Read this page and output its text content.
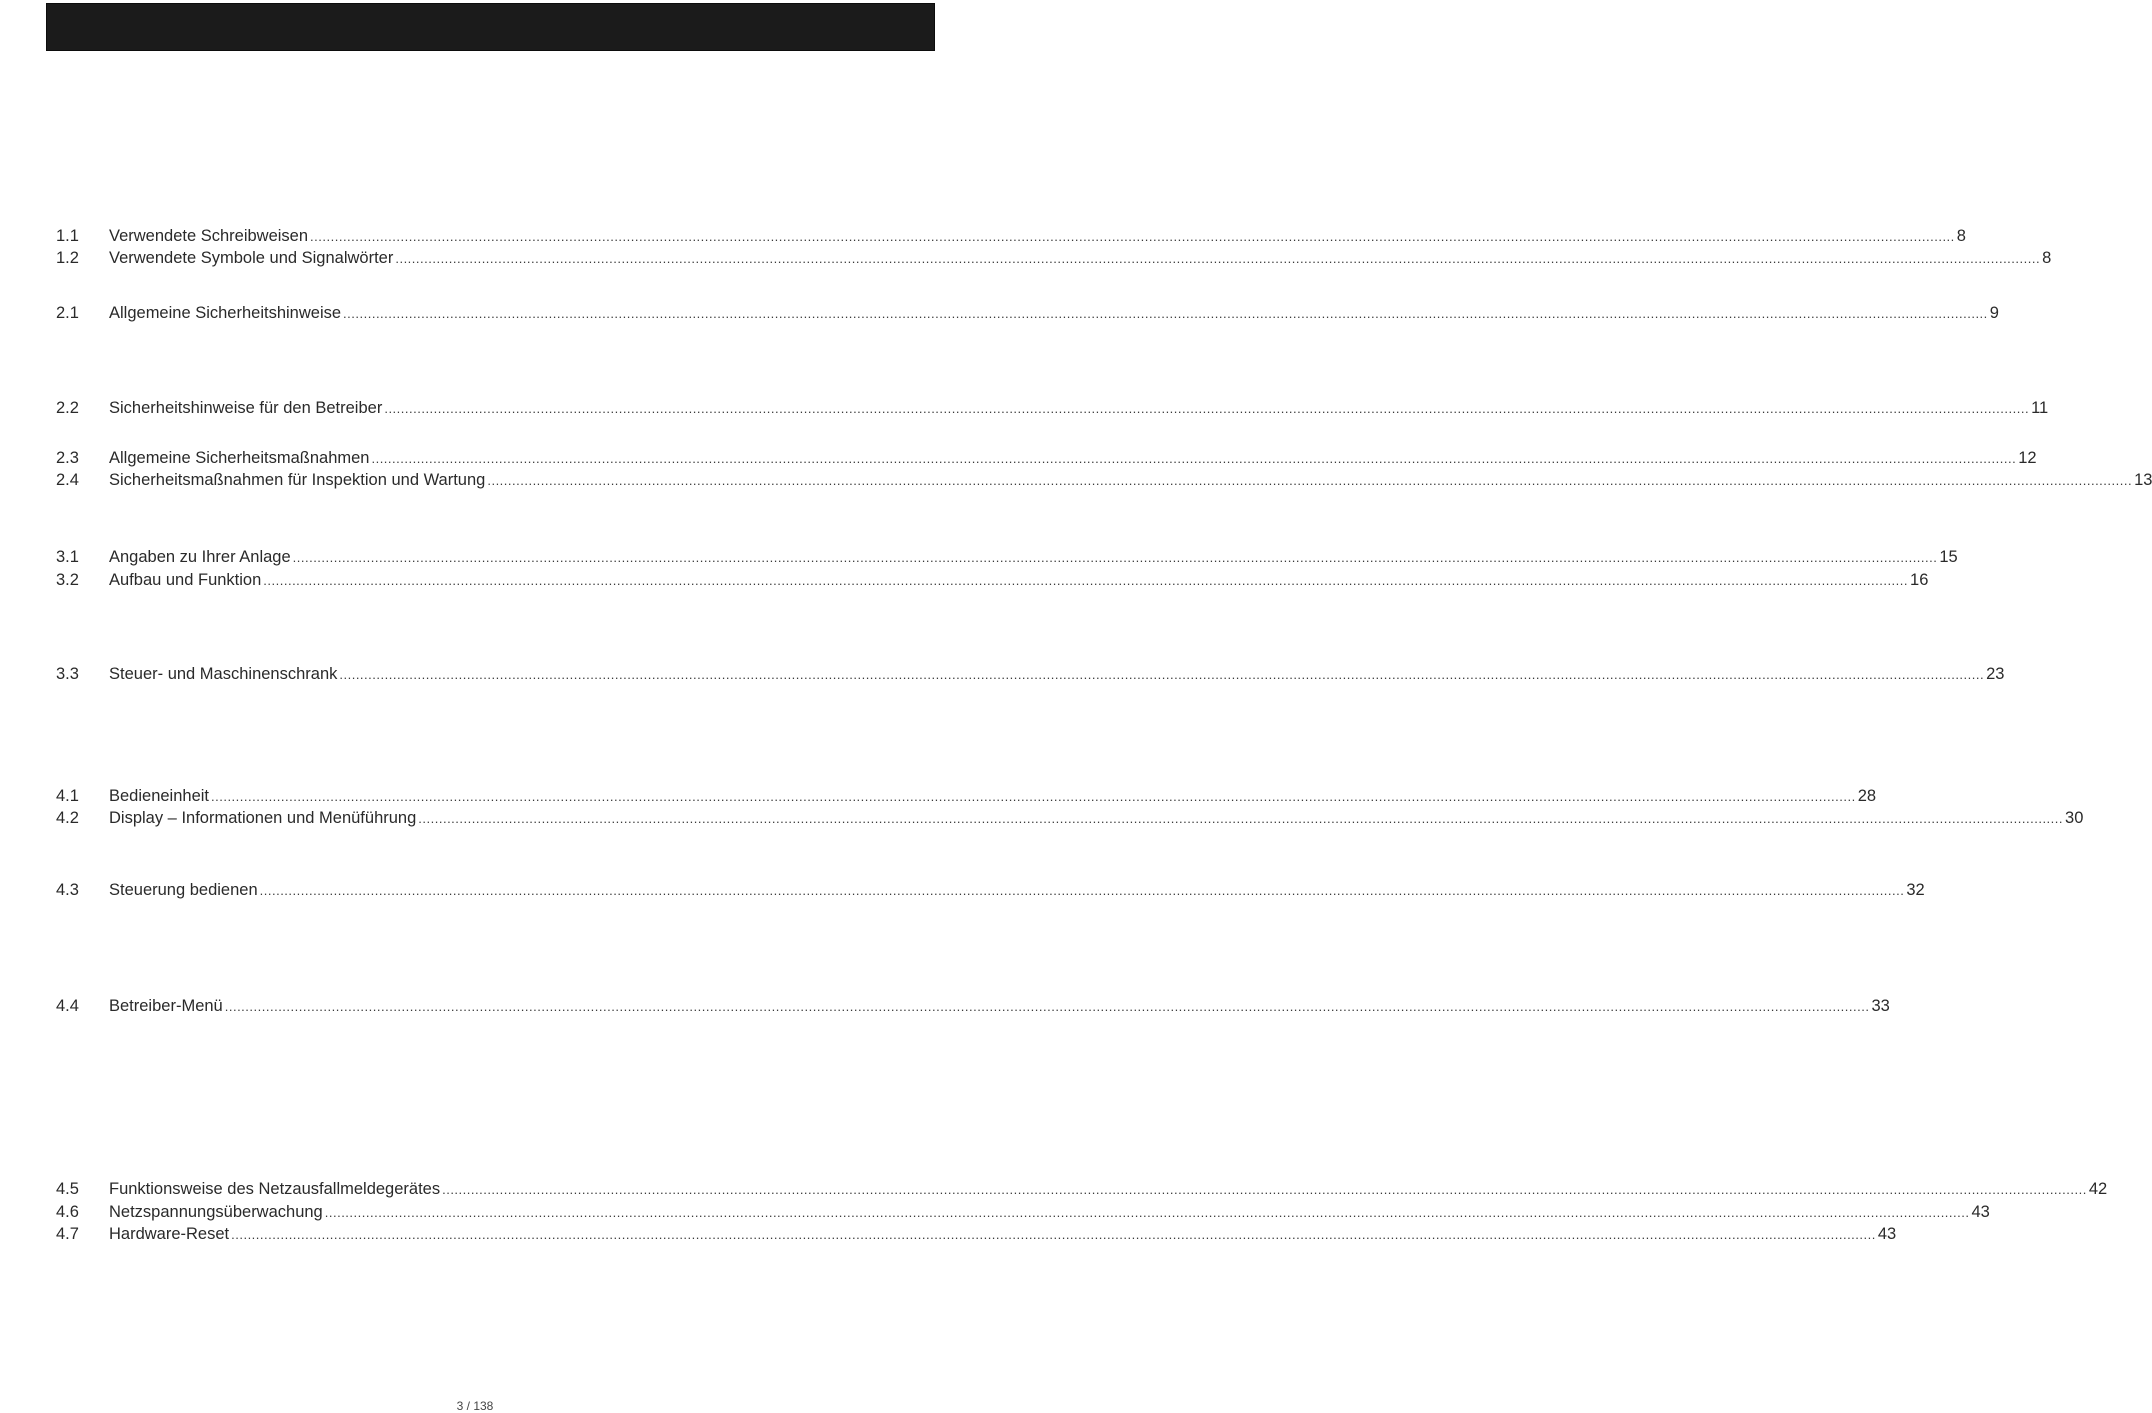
1.1	Verwendete Schreibweisen ................................................................................................................................................................................................................................................................................................................................................................................................................ 8
1.2	Verwendete Symbole und Signalwörter ................................................................................................................................................................................................................................................................................................................................................................................................................ 8
2.1	Allgemeine Sicherheitshinweise ................................................................................................................................................................................................................................................................................................................................................................................................................ 9
2.2	Sicherheitshinweise für den Betreiber ................................................................................................................................................................................................................................................................................................................................................................................................................ 11
2.3	Allgemeine Sicherheitsmaßnahmen ................................................................................................................................................................................................................................................................................................................................................................................................................ 12
2.4	Sicherheitsmaßnahmen für Inspektion und Wartung ................................................................................................................................................................................................................................................................................................................................................................................................................ 13
3.1	Angaben zu Ihrer Anlage ................................................................................................................................................................................................................................................................................................................................................................................................................ 15
3.2	Aufbau und Funktion ................................................................................................................................................................................................................................................................................................................................................................................................................ 16
3.3	Steuer- und Maschinenschrank ................................................................................................................................................................................................................................................................................................................................................................................................................ 23
4.1	Bedieneinheit ................................................................................................................................................................................................................................................................................................................................................................................................................ 28
4.2	Display – Informationen und Menüführung ................................................................................................................................................................................................................................................................................................................................................................................................................ 30
4.3	Steuerung bedienen ................................................................................................................................................................................................................................................................................................................................................................................................................ 32
4.4	Betreiber-Menü ................................................................................................................................................................................................................................................................................................................................................................................................................ 33
4.5	Funktionsweise des Netzausfallmeldegerätes ................................................................................................................................................................................................................................................................................................................................................................................................................ 42
4.6	Netzspannungsüberwachung ................................................................................................................................................................................................................................................................................................................................................................................................................ 43
4.7	Hardware-Reset ................................................................................................................................................................................................................................................................................................................................................................................................................ 43
3 / 138
